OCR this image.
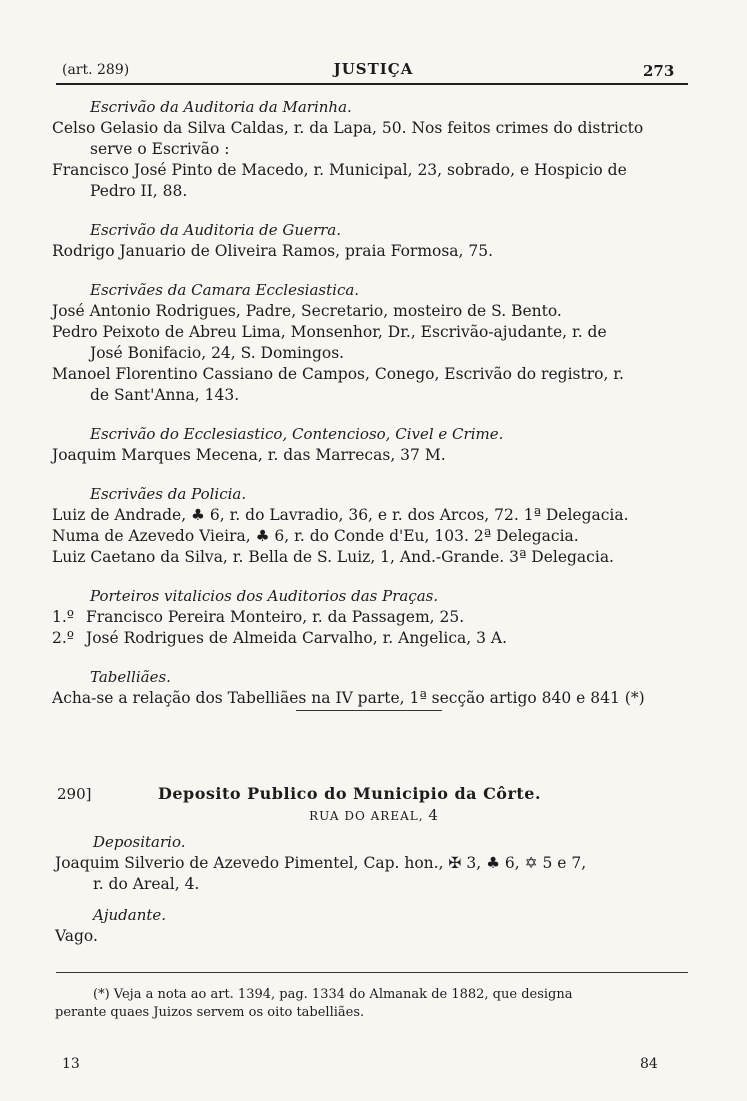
(art. 289)	JUSTIÇA	273
Escrivão da Auditoria da Marinha.
Celso Gelasio da Silva Caldas, r. da Lapa, 50. Nos feitos crimes do districto
serve o Escrivão :
Francisco José Pinto de Macedo, r. Municipal, 23, sobrado, e Hospicio de
Pedro II, 88.
Escrivão da Auditoria de Guerra.
Rodrigo Januario de Oliveira Ramos, praia Formosa, 75.
Escrivães da Camara Ecclesiastica.
José Antonio Rodrigues, Padre, Secretario, mosteiro de S. Bento.
Pedro Peixoto de Abreu Lima, Monsenhor, Dr., Escrivão-ajudante, r. de
José Bonifacio, 24, S. Domingos.
Manoel Florentino Cassiano de Campos, Conego, Escrivão do registro, r.
de Sant'Anna, 143.
Escrivão do Ecclesiastico, Contencioso, Civel e Crime.
Joaquim Marques Mecena, r. das Marrecas, 37 M.
Escrivães da Policia.
Luiz de Andrade, ♣ 6, r. do Lavradio, 36, e r. dos Arcos, 72. 1ª Delegacia.
Numa de Azevedo Vieira, ♣ 6, r. do Conde d'Eu, 103. 2ª Delegacia.
Luiz Caetano da Silva, r. Bella de S. Luiz, 1, And.-Grande. 3ª Delegacia.
Porteiros vitalicios dos Auditorios das Praças.
1.º Francisco Pereira Monteiro, r. da Passagem, 25.
2.º José Rodrigues de Almeida Carvalho, r. Angelica, 3 A.
Tabelliães.
Acha-se a relação dos Tabelliães na IV parte, 1ª secção artigo 840 e 841 (*)
290]	Deposito Publico do Municipio da Côrte.
RUA DO AREAL, 4
Depositario.
Joaquim Silverio de Azevedo Pimentel, Cap. hon., ✠ 3, ♣ 6, ✡ 5 e 7,
r. do Areal, 4.
Ajudante.
Vago.
(*) Veja a nota ao art. 1394, pag. 1334 do Almanak de 1882, que designa
perante quaes Juizos servem os oito tabelliães.
13	84
